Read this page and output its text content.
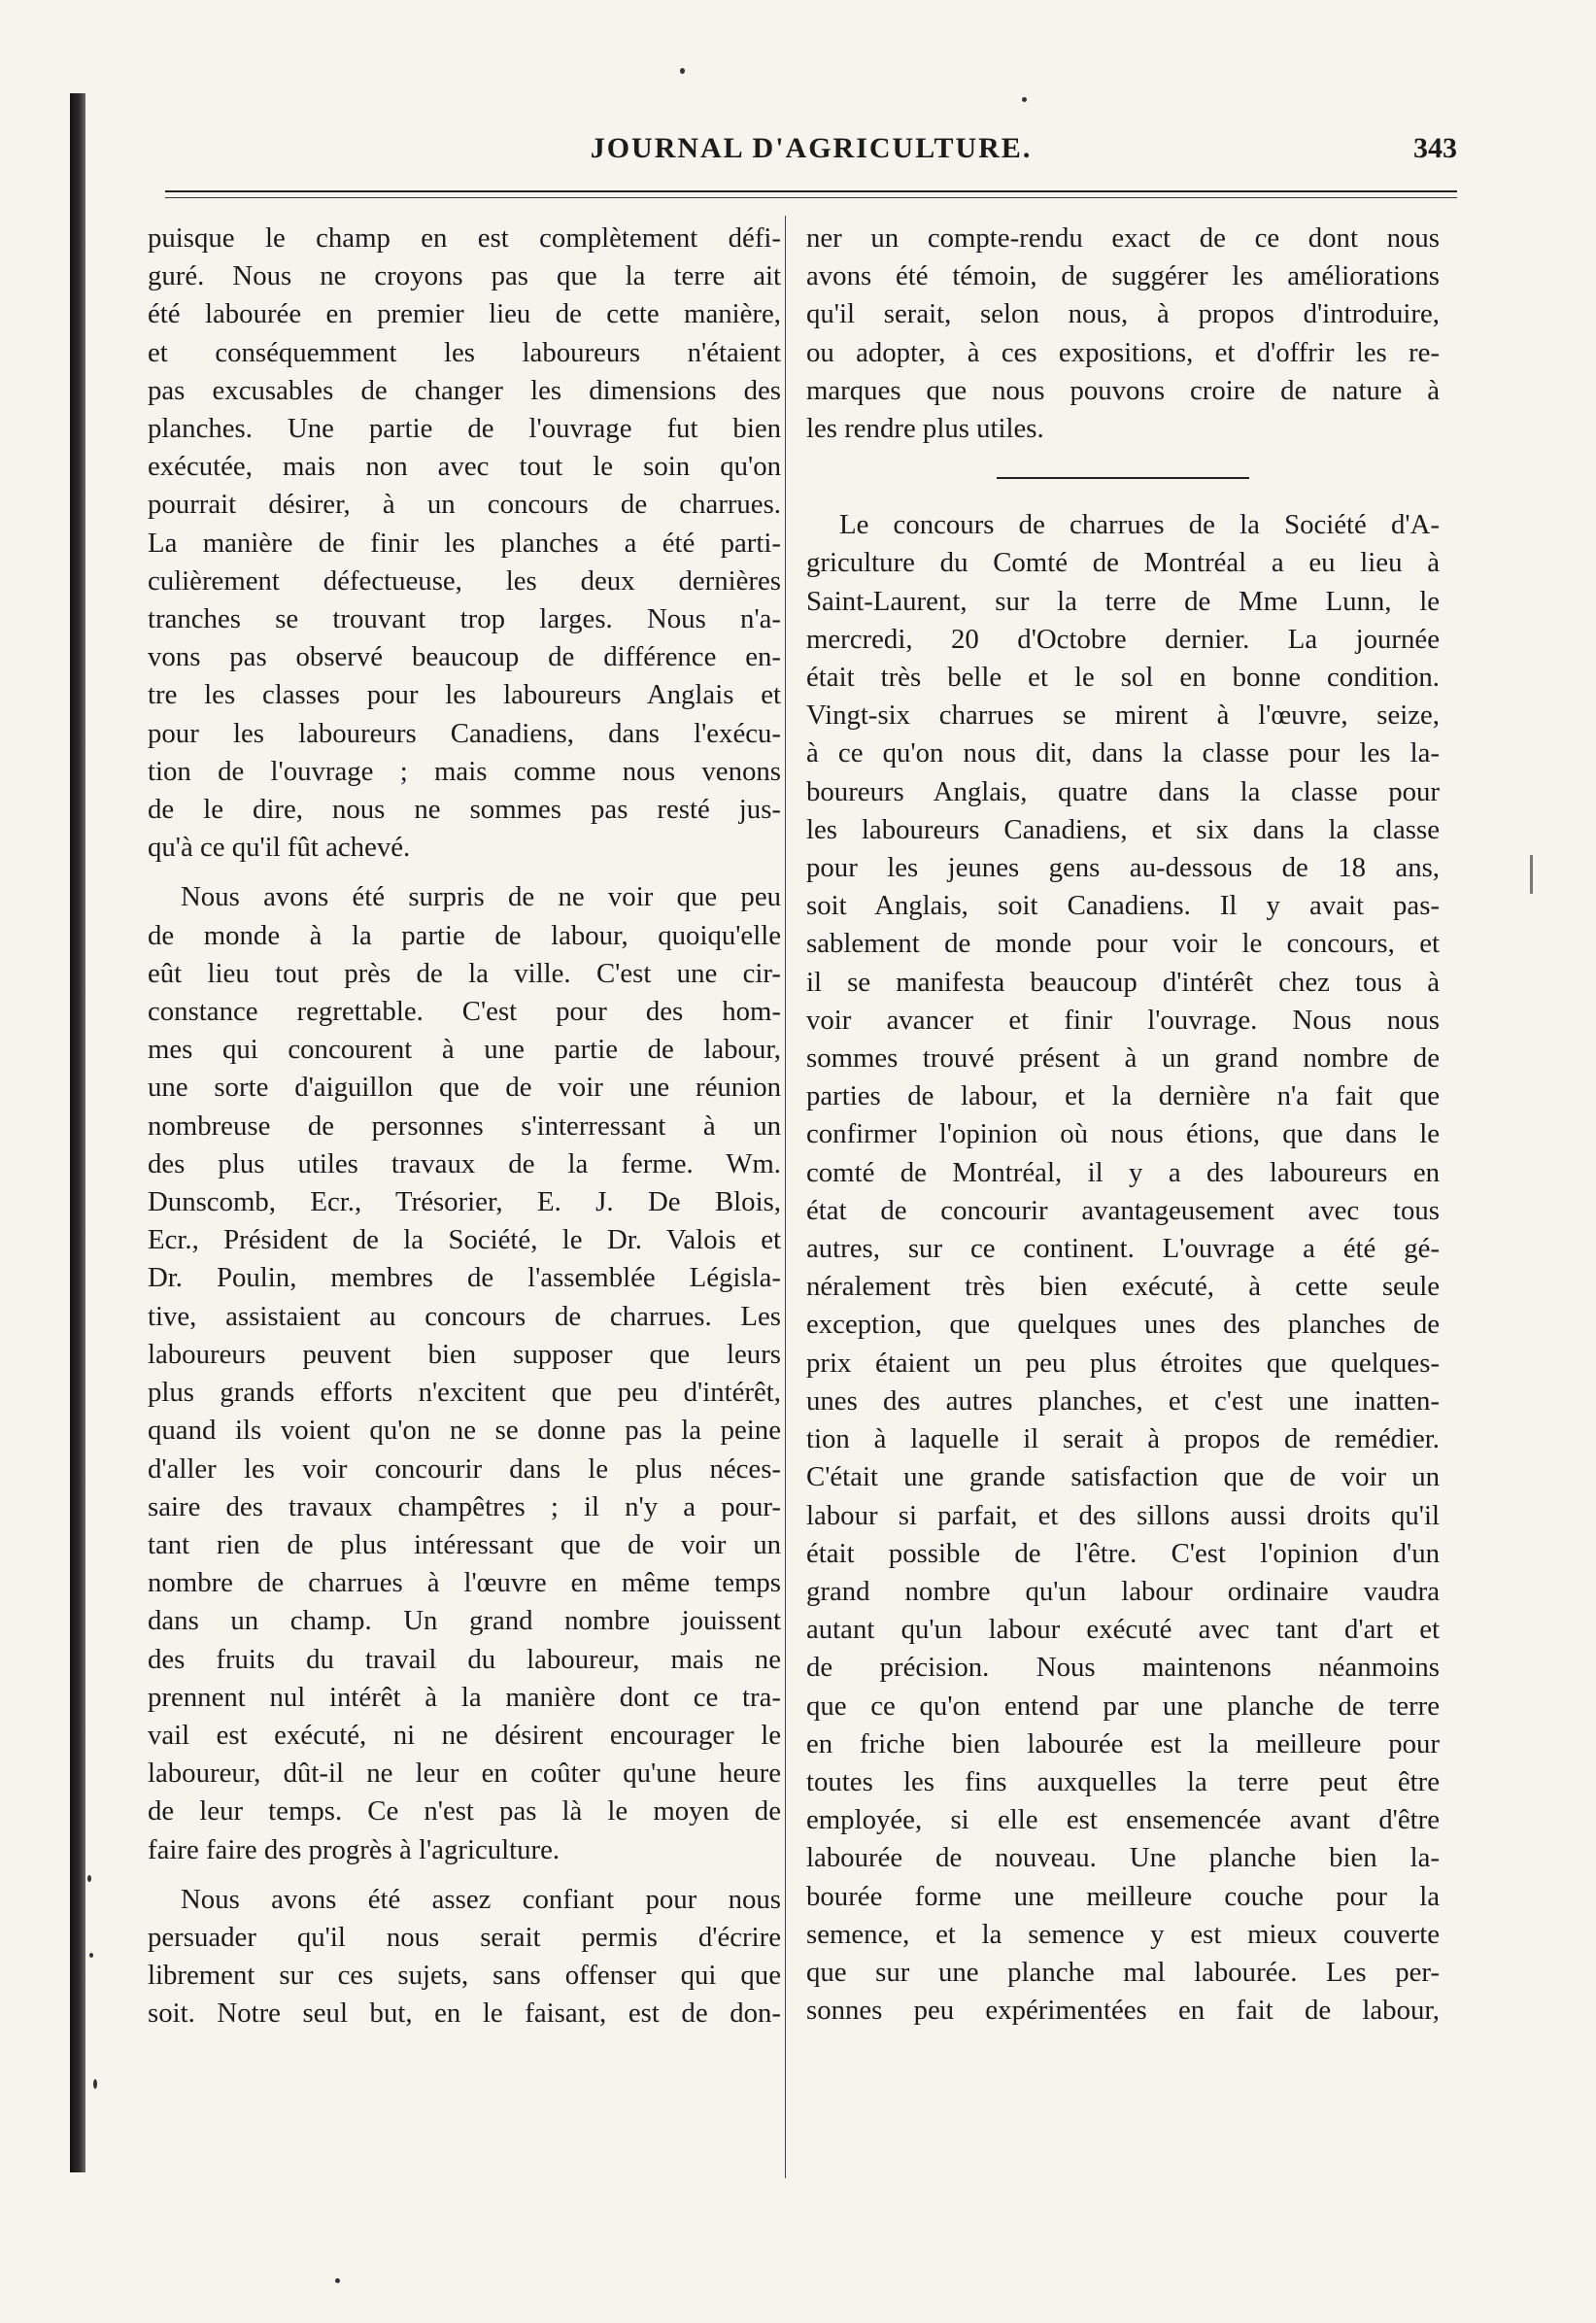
JOURNAL D'AGRICULTURE.	343
puisque le champ en est complètement défi-
guré. Nous ne croyons pas que la terre ait
été labourée en premier lieu de cette manière,
et conséquemment les laboureurs n'étaient
pas excusables de changer les dimensions des
planches. Une partie de l'ouvrage fut bien
exécutée, mais non avec tout le soin qu'on
pourrait désirer, à un concours de charrues.
La manière de finir les planches a été parti-
culièrement défectueuse, les deux dernières
tranches se trouvant trop larges. Nous n'a-
vons pas observé beaucoup de différence en-
tre les classes pour les laboureurs Anglais et
pour les laboureurs Canadiens, dans l'exécu-
tion de l'ouvrage ; mais comme nous venons
de le dire, nous ne sommes pas resté jus-
qu'à ce qu'il fût achevé.
Nous avons été surpris de ne voir que peu
de monde à la partie de labour, quoiqu'elle
eût lieu tout près de la ville. C'est une cir-
constance regrettable. C'est pour des hom-
mes qui concourent à une partie de labour,
une sorte d'aiguillon que de voir une réunion
nombreuse de personnes s'interressant à un
des plus utiles travaux de la ferme. Wm.
Dunscomb, Ecr., Trésorier, E. J. De Blois,
Ecr., Président de la Société, le Dr. Valois et
Dr. Poulin, membres de l'assemblée Législa-
tive, assistaient au concours de charrues. Les
laboureurs peuvent bien supposer que leurs
plus grands efforts n'excitent que peu d'intérêt,
quand ils voient qu'on ne se donne pas la peine
d'aller les voir concourir dans le plus néces-
saire des travaux champêtres ; il n'y a pour-
tant rien de plus intéressant que de voir un
nombre de charrues à l'œuvre en même temps
dans un champ. Un grand nombre jouissent
des fruits du travail du laboureur, mais ne
prennent nul intérêt à la manière dont ce tra-
vail est exécuté, ni ne désirent encourager le
laboureur, dût-il ne leur en coûter qu'une heure
de leur temps. Ce n'est pas là le moyen de
faire faire des progrès à l'agriculture.
Nous avons été assez confiant pour nous
persuader qu'il nous serait permis d'écrire
librement sur ces sujets, sans offenser qui que
soit. Notre seul but, en le faisant, est de don-
ner un compte-rendu exact de ce dont nous
avons été témoin, de suggérer les améliorations
qu'il serait, selon nous, à propos d'introduire,
ou adopter, à ces expositions, et d'offrir les re-
marques que nous pouvons croire de nature à
les rendre plus utiles.
Le concours de charrues de la Société d'A-
griculture du Comté de Montréal a eu lieu à
Saint-Laurent, sur la terre de Mme Lunn, le
mercredi, 20 d'Octobre dernier. La journée
était très belle et le sol en bonne condition.
Vingt-six charrues se mirent à l'œuvre, seize,
à ce qu'on nous dit, dans la classe pour les la-
boureurs Anglais, quatre dans la classe pour
les laboureurs Canadiens, et six dans la classe
pour les jeunes gens au-dessous de 18 ans,
soit Anglais, soit Canadiens. Il y avait pas-
sablement de monde pour voir le concours, et
il se manifesta beaucoup d'intérêt chez tous à
voir avancer et finir l'ouvrage. Nous nous
sommes trouvé présent à un grand nombre de
parties de labour, et la dernière n'a fait que
confirmer l'opinion où nous étions, que dans le
comté de Montréal, il y a des laboureurs en
état de concourir avantageusement avec tous
autres, sur ce continent. L'ouvrage a été gé-
néralement très bien exécuté, à cette seule
exception, que quelques unes des planches de
prix étaient un peu plus étroites que quelques-
unes des autres planches, et c'est une inatten-
tion à laquelle il serait à propos de remédier.
C'était une grande satisfaction que de voir un
labour si parfait, et des sillons aussi droits qu'il
était possible de l'être. C'est l'opinion d'un
grand nombre qu'un labour ordinaire vaudra
autant qu'un labour exécuté avec tant d'art et
de précision. Nous maintenons néanmoins
que ce qu'on entend par une planche de terre
en friche bien labourée est la meilleure pour
toutes les fins auxquelles la terre peut être
employée, si elle est ensemencée avant d'être
labourée de nouveau. Une planche bien la-
bourée forme une meilleure couche pour la
semence, et la semence y est mieux couverte
que sur une planche mal labourée. Les per-
sonnes peu expérimentées en fait de labour,
